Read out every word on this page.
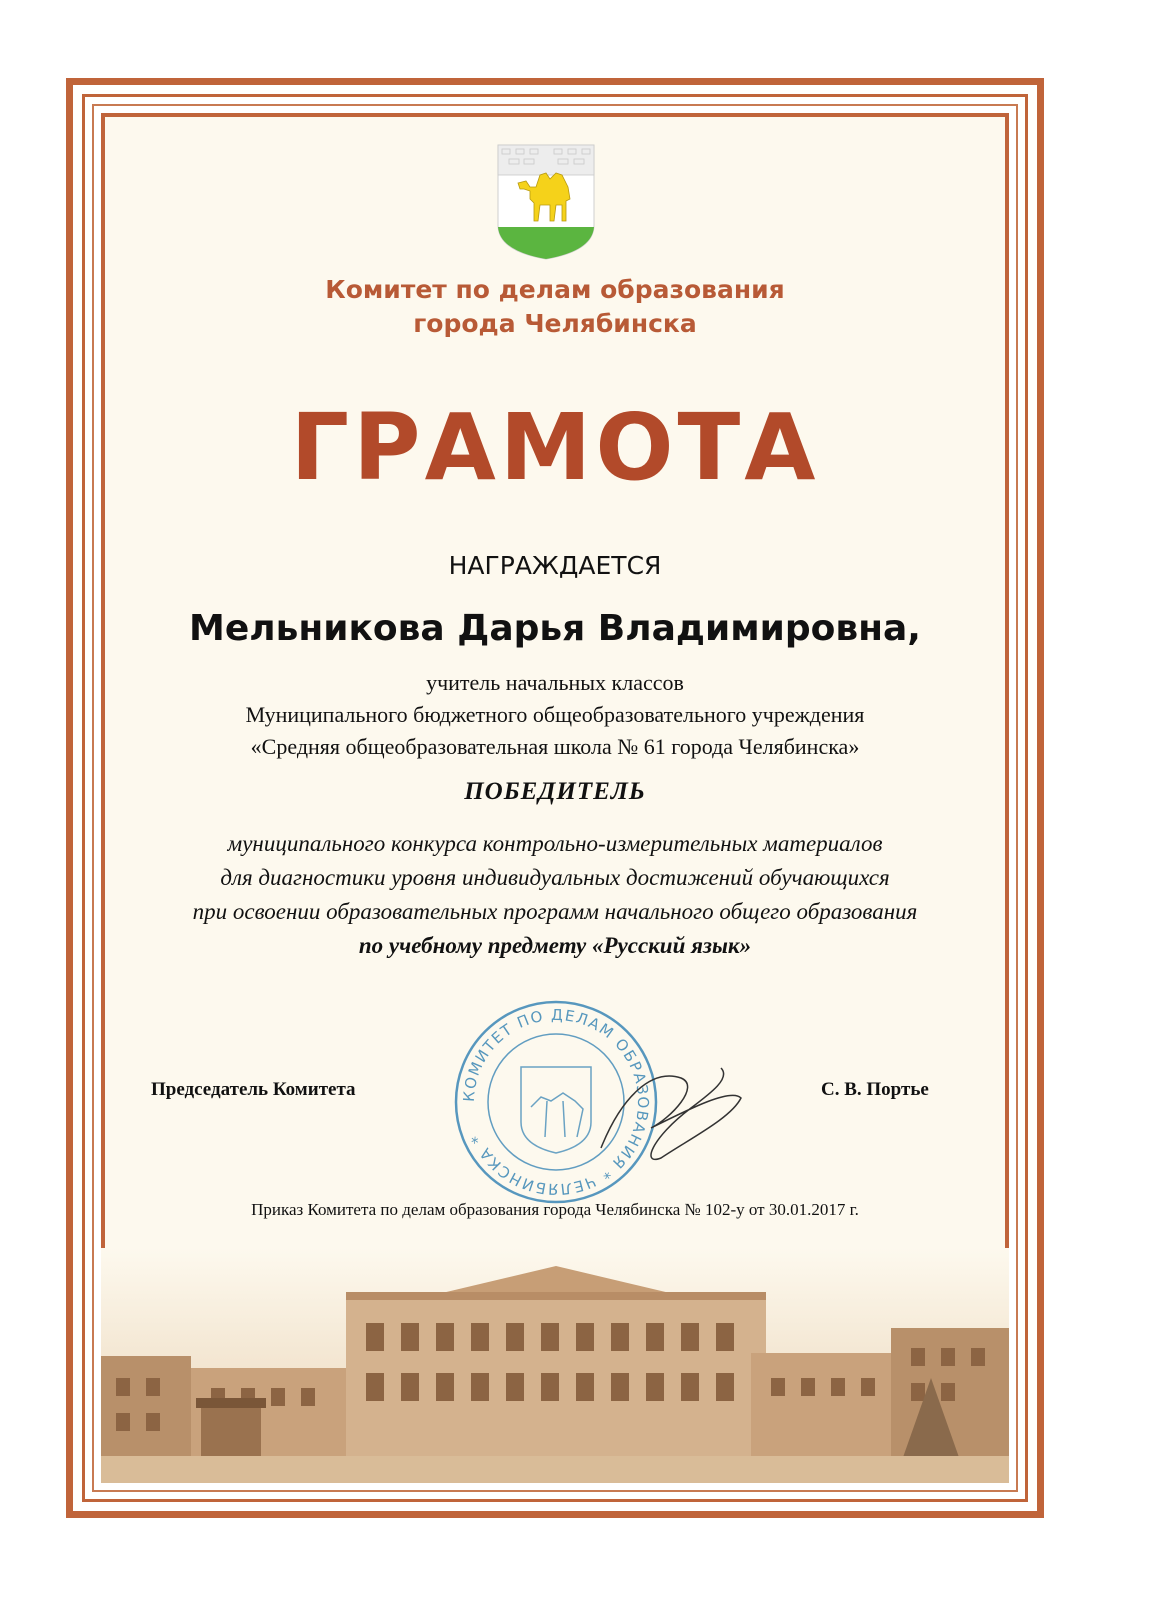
Комитет по делам образования
города Челябинска
ГРАМОТА
НАГРАЖДАЕТСЯ
Мельникова Дарья Владимировна,
учитель начальных классов
Муниципального бюджетного общеобразовательного учреждения
«Средняя общеобразовательная школа № 61 города Челябинска»
ПОБЕДИТЕЛЬ
муниципального конкурса контрольно-измерительных материалов
для диагностики уровня индивидуальных достижений обучающихся
при освоении образовательных программ начального общего образования
по учебному предмету «Русский язык»
КОМИТЕТ ПО ДЕЛАМ ОБРАЗОВАНИЯ * ЧЕЛЯБИНСКА *
Председатель Комитета	С. В. Портье
Приказ Комитета по делам образования города Челябинска № 102-у от 30.01.2017 г.
